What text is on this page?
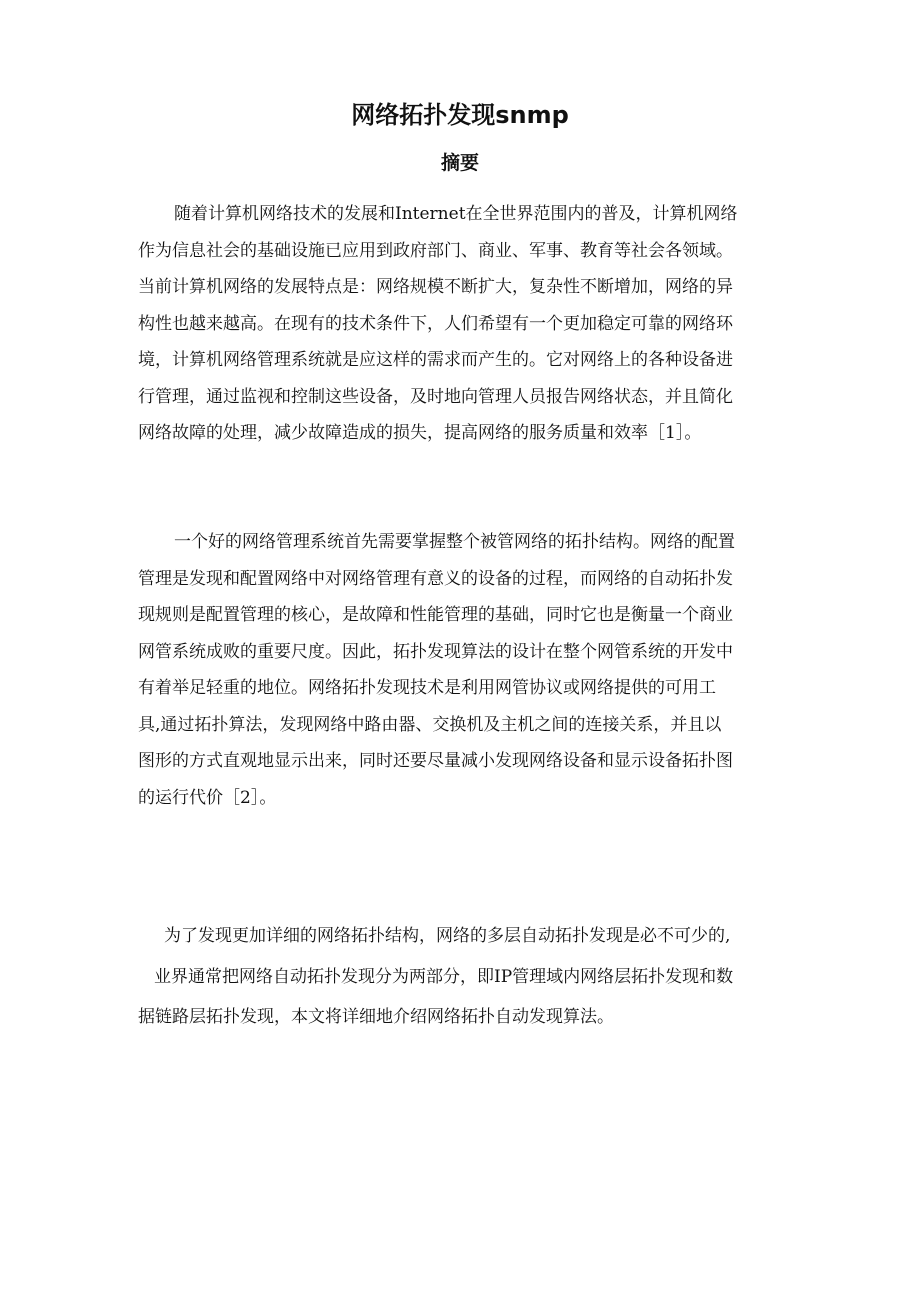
网络拓扑发现snmp
摘要

随着计算机网络技术的发展和Internet在全世界范围内的普及，计算机网络
作为信息社会的基础设施已应用到政府部门、商业、军事、教育等社会各领域。
当前计算机网络的发展特点是：网络规模不断扩大，复杂性不断增加，网络的异
构性也越来越高。在现有的技术条件下，人们希望有一个更加稳定可靠的网络环
境，计算机网络管理系统就是应这样的需求而产生的。它对网络上的各种设备进
行管理，通过监视和控制这些设备，及时地向管理人员报告网络状态，并且简化
网络故障的处理，减少故障造成的损失，提高网络的服务质量和效率［1］。

一个好的网络管理系统首先需要掌握整个被管网络的拓扑结构。网络的配置
管理是发现和配置网络中对网络管理有意义的设备的过程，而网络的自动拓扑发
现规则是配置管理的核心，是故障和性能管理的基础，同时它也是衡量一个商业
网管系统成败的重要尺度。因此，拓扑发现算法的设计在整个网管系统的开发中
有着举足轻重的地位。网络拓扑发现技术是利用网管协议或网络提供的可用工
具,通过拓扑算法，发现网络中路由器、交换机及主机之间的连接关系，并且以
图形的方式直观地显示出来，同时还要尽量减小发现网络设备和显示设备拓扑图
的运行代价［2］。

为了发现更加详细的网络拓扑结构，网络的多层自动拓扑发现是必不可少的,
业界通常把网络自动拓扑发现分为两部分，即IP管理域内网络层拓扑发现和数
据链路层拓扑发现，本文将详细地介绍网络拓扑自动发现算法。
